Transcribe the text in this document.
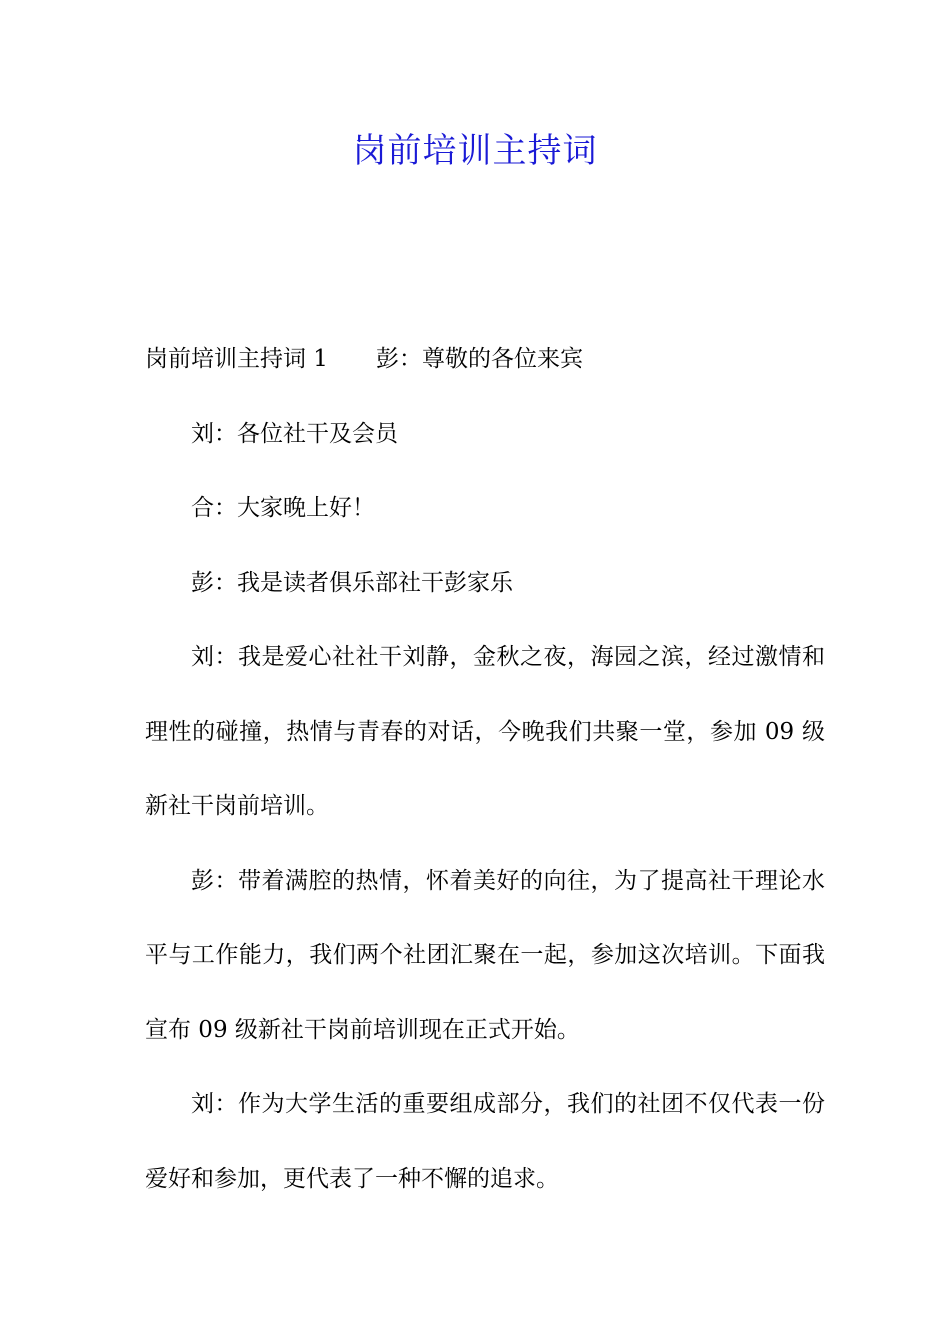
岗前培训主持词

岗前培训主持词 1 彭：尊敬的各位来宾

刘：各位社干及会员

合：大家晚上好！

彭：我是读者俱乐部社干彭家乐

刘：我是爱心社社干刘静，金秋之夜，海园之滨，经过激情和理性的碰撞，热情与青春的对话，今晚我们共聚一堂，参加 09 级新社干岗前培训。

彭：带着满腔的热情，怀着美好的向往，为了提高社干理论水平与工作能力，我们两个社团汇聚在一起，参加这次培训。下面我宣布 09 级新社干岗前培训现在正式开始。

刘：作为大学生活的重要组成部分，我们的社团不仅代表一份爱好和参加，更代表了一种不懈的追求。
